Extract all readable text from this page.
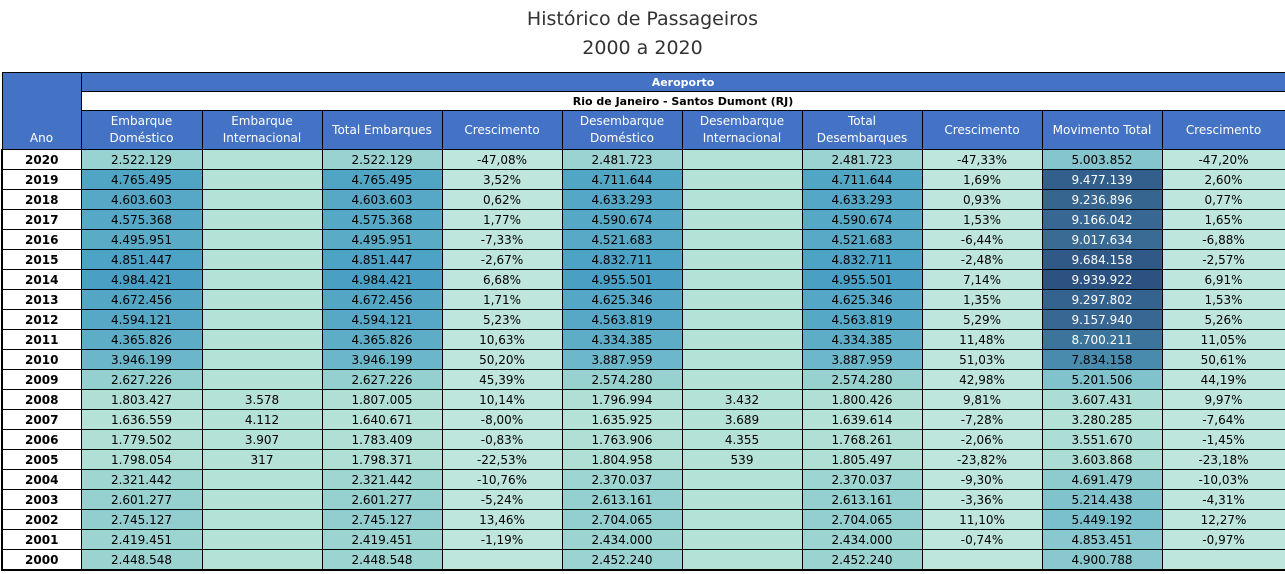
Histórico de Passageiros
2000 a 2020
Ano	Aeroporto									
	Rio de Janeiro - Santos Dumont (RJ)									
	Embarque Doméstico	Embarque Internacional	Total Embarques	Crescimento	Desembarque Doméstico	Desembarque Internacional	Total Desembarques	Crescimento	Movimento Total	Crescimento
2020	2.522.129		2.522.129	-47,08%	2.481.723		2.481.723	-47,33%	5.003.852	-47,20%
2019	4.765.495		4.765.495	3,52%	4.711.644		4.711.644	1,69%	9.477.139	2,60%
2018	4.603.603		4.603.603	0,62%	4.633.293		4.633.293	0,93%	9.236.896	0,77%
2017	4.575.368		4.575.368	1,77%	4.590.674		4.590.674	1,53%	9.166.042	1,65%
2016	4.495.951		4.495.951	-7,33%	4.521.683		4.521.683	-6,44%	9.017.634	-6,88%
2015	4.851.447		4.851.447	-2,67%	4.832.711		4.832.711	-2,48%	9.684.158	-2,57%
2014	4.984.421		4.984.421	6,68%	4.955.501		4.955.501	7,14%	9.939.922	6,91%
2013	4.672.456		4.672.456	1,71%	4.625.346		4.625.346	1,35%	9.297.802	1,53%
2012	4.594.121		4.594.121	5,23%	4.563.819		4.563.819	5,29%	9.157.940	5,26%
2011	4.365.826		4.365.826	10,63%	4.334.385		4.334.385	11,48%	8.700.211	11,05%
2010	3.946.199		3.946.199	50,20%	3.887.959		3.887.959	51,03%	7.834.158	50,61%
2009	2.627.226		2.627.226	45,39%	2.574.280		2.574.280	42,98%	5.201.506	44,19%
2008	1.803.427	3.578	1.807.005	10,14%	1.796.994	3.432	1.800.426	9,81%	3.607.431	9,97%
2007	1.636.559	4.112	1.640.671	-8,00%	1.635.925	3.689	1.639.614	-7,28%	3.280.285	-7,64%
2006	1.779.502	3.907	1.783.409	-0,83%	1.763.906	4.355	1.768.261	-2,06%	3.551.670	-1,45%
2005	1.798.054	317	1.798.371	-22,53%	1.804.958	539	1.805.497	-23,82%	3.603.868	-23,18%
2004	2.321.442		2.321.442	-10,76%	2.370.037		2.370.037	-9,30%	4.691.479	-10,03%
2003	2.601.277		2.601.277	-5,24%	2.613.161		2.613.161	-3,36%	5.214.438	-4,31%
2002	2.745.127		2.745.127	13,46%	2.704.065		2.704.065	11,10%	5.449.192	12,27%
2001	2.419.451		2.419.451	-1,19%	2.434.000		2.434.000	-0,74%	4.853.451	-0,97%
2000	2.448.548		2.448.548		2.452.240		2.452.240		4.900.788	
